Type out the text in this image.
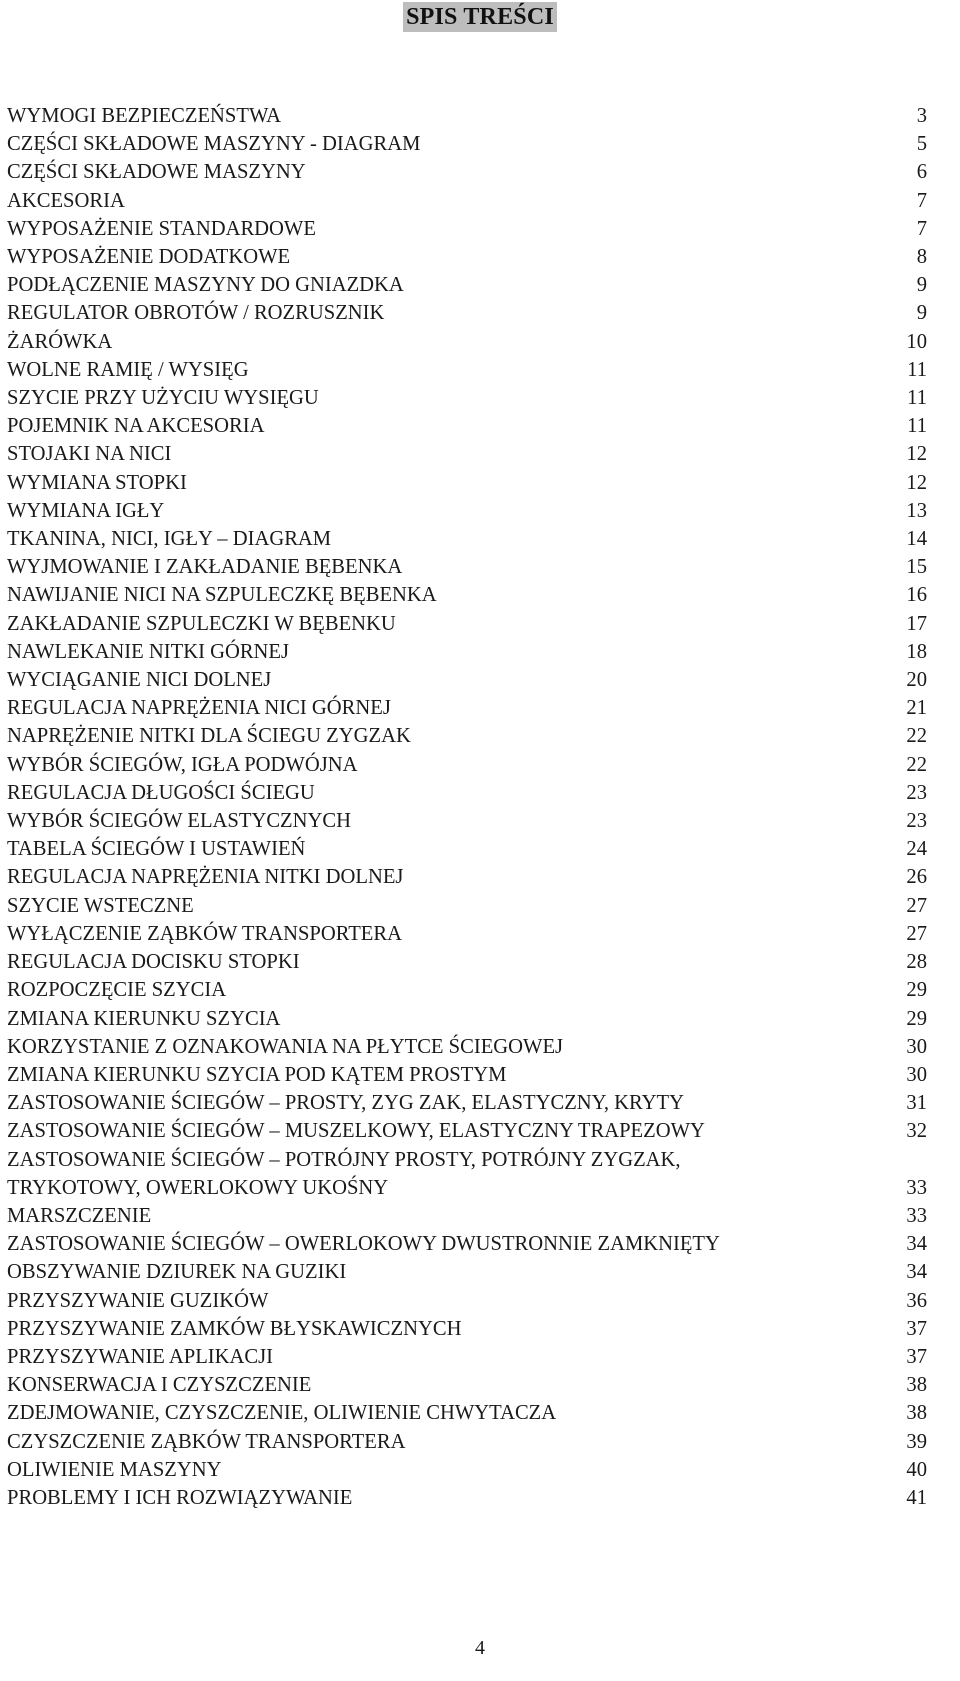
SPIS TREŚCI
WYMOGI BEZPIECZEŃSTWA	3
CZĘŚCI SKŁADOWE MASZYNY - DIAGRAM	5
CZĘŚCI SKŁADOWE MASZYNY	6
AKCESORIA	7
WYPOSAŻENIE STANDARDOWE	7
WYPOSAŻENIE DODATKOWE	8
PODŁĄCZENIE MASZYNY DO GNIAZDKA	9
REGULATOR OBROTÓW / ROZRUSZNIK	9
ŻARÓWKA	10
WOLNE RAMIĘ / WYSIĘG	11
SZYCIE PRZY UŻYCIU WYSIĘGU	11
POJEMNIK NA AKCESORIA	11
STOJAKI NA NICI	12
WYMIANA STOPKI	12
WYMIANA IGŁY	13
TKANINA, NICI, IGŁY – DIAGRAM	14
WYJMOWANIE I ZAKŁADANIE BĘBENKA	15
NAWIJANIE NICI NA SZPULECZKĘ BĘBENKA	16
ZAKŁADANIE SZPULECZKI W BĘBENKU	17
NAWLEKANIE NITKI GÓRNEJ	18
WYCIĄGANIE NICI DOLNEJ	20
REGULACJA NAPRĘŻENIA NICI GÓRNEJ	21
NAPRĘŻENIE NITKI DLA ŚCIEGU ZYGZAK	22
WYBÓR ŚCIEGÓW, IGŁA PODWÓJNA	22
REGULACJA DŁUGOŚCI ŚCIEGU	23
WYBÓR ŚCIEGÓW ELASTYCZNYCH	23
TABELA ŚCIEGÓW I USTAWIEŃ	24
REGULACJA NAPRĘŻENIA NITKI DOLNEJ	26
SZYCIE WSTECZNE	27
WYŁĄCZENIE ZĄBKÓW TRANSPORTERA	27
REGULACJA DOCISKU STOPKI	28
ROZPOCZĘCIE SZYCIA	29
ZMIANA KIERUNKU SZYCIA	29
KORZYSTANIE Z OZNAKOWANIA NA PŁYTCE ŚCIEGOWEJ	30
ZMIANA KIERUNKU SZYCIA POD KĄTEM PROSTYM	30
ZASTOSOWANIE ŚCIEGÓW – PROSTY, ZYG ZAK, ELASTYCZNY, KRYTY	31
ZASTOSOWANIE ŚCIEGÓW – MUSZELKOWY, ELASTYCZNY TRAPEZOWY	32
ZASTOSOWANIE ŚCIEGÓW – POTRÓJNY PROSTY, POTRÓJNY ZYGZAK,
TRYKOTOWY, OWERLOKOWY UKOŚNY	33
MARSZCZENIE	33
ZASTOSOWANIE ŚCIEGÓW – OWERLOKOWY DWUSTRONNIE ZAMKNIĘTY	34
OBSZYWANIE DZIUREK NA GUZIKI	34
PRZYSZYWANIE GUZIKÓW	36
PRZYSZYWANIE ZAMKÓW BŁYSKAWICZNYCH	37
PRZYSZYWANIE APLIKACJI	37
KONSERWACJA I CZYSZCZENIE	38
ZDEJMOWANIE, CZYSZCZENIE, OLIWIENIE CHWYTACZA	38
CZYSZCZENIE ZĄBKÓW TRANSPORTERA	39
OLIWIENIE MASZYNY	40
PROBLEMY I ICH ROZWIĄZYWANIE	41
4
